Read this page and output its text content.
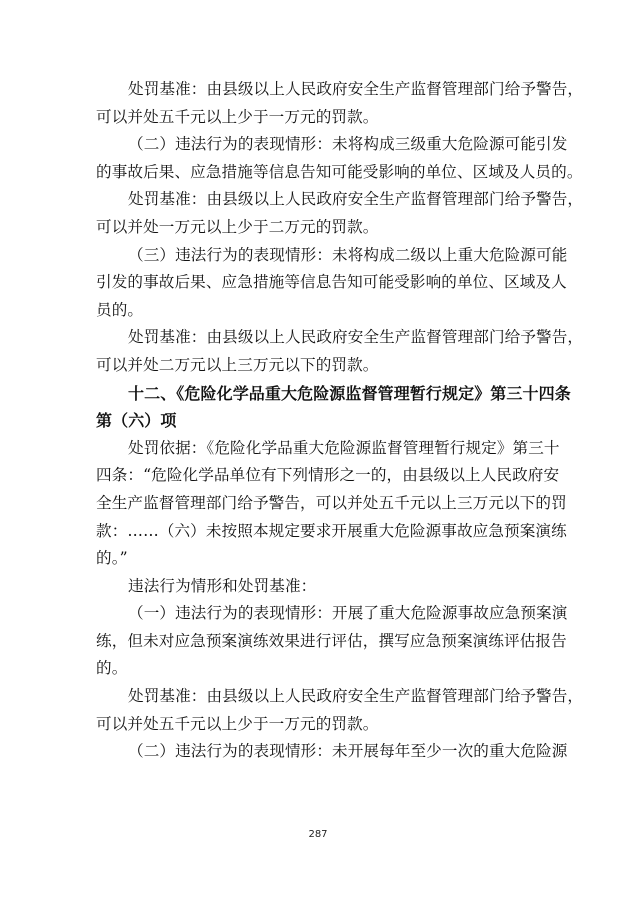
处罚基准：由县级以上人民政府安全生产监督管理部门给予警告，
可以并处五千元以上少于一万元的罚款。
（二）违法行为的表现情形：未将构成三级重大危险源可能引发
的事故后果、应急措施等信息告知可能受影响的单位、区域及人员的。
处罚基准：由县级以上人民政府安全生产监督管理部门给予警告，
可以并处一万元以上少于二万元的罚款。
（三）违法行为的表现情形：未将构成二级以上重大危险源可能
引发的事故后果、应急措施等信息告知可能受影响的单位、区域及人
员的。
处罚基准：由县级以上人民政府安全生产监督管理部门给予警告，
可以并处二万元以上三万元以下的罚款。
十二、《危险化学品重大危险源监督管理暂行规定》第三十四条
第（六）项
处罚依据：《危险化学品重大危险源监督管理暂行规定》第三十
四条：“危险化学品单位有下列情形之一的，由县级以上人民政府安
全生产监督管理部门给予警告，可以并处五千元以上三万元以下的罚
款：……（六）未按照本规定要求开展重大危险源事故应急预案演练
的。”
违法行为情形和处罚基准：
（一）违法行为的表现情形：开展了重大危险源事故应急预案演
练，但未对应急预案演练效果进行评估，撰写应急预案演练评估报告
的。
处罚基准：由县级以上人民政府安全生产监督管理部门给予警告，
可以并处五千元以上少于一万元的罚款。
（二）违法行为的表现情形：未开展每年至少一次的重大危险源
287
